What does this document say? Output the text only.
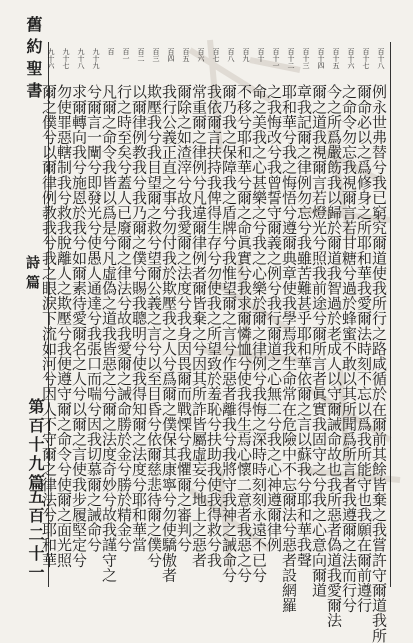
舊約聖書
詩篇
第百十九篇
五百二十一	例永世弗替兮我已窮究爾道使我所行之路咸循於在爾前其餘皆棄之我嘗許守爾道我所
爾命必以之爲修身之所耶和華我愛爾法時刻不忘以爲我所能守也我願在爾前遵行
之命令勿忘我視爾言若甘糖兮過於蜂蜜不敢以其所聞爲所言者我遵爾之法而行兮
今之所爲嚴飭我以歸於爾道我智過於老成人以守爾誡命故也我所惡者偽道我愛爾法
爾之道我視爾言若燈光兮照我前途兮爾所言者眞實我固守之兮我之心意向爾道
章我記爾之律例勿忘兮我雖苦難甚乎耶和華依爾之言以蘇我兮耶和華我聲
耶和華兮我之悔悟兮遵爾典章使我學焉我生命常在危險中不忘爾法兮惡者設網羅
之我悔改兮我曾誓守爾義之例兮我行爾道之心無二兮我之心神遵爾律例
命之美我之心甚樂之兮我之心樂於爾之律例兮我悔之深時時刻刻永遠不已兮
不移兮耶和華兮爾之命眞實兮我求爾憐恤兮使我得生焉心懷二意者我惡之兮
爾乃我之保障我之盾牌兮我惟望爾之言兮作惡者離我兮我將守我神之誡命兮
我依爾言扶持我俾得生存兮勿使我之所望致於羞恥兮扶助我使我得救兮我
常重爾之律例兮凡違爾律例者爾皆棄之兮因其所詐皆屬虛妄兮地上之惡者
爾除之如渣滓兮故我愛爾之法度兮我身因畏爾而戰慄兮我懼爾之審判兮
我行公義正直之事兮勿付我於欺壓我之人兮爲爾之僕保其康寧兮勿使驕傲者
欺壓我兮我目望爾之救兮望爾公義之言兮以至目昏兮依爾慈悲待爾之僕兮
以爾律例教我兮我乃爾之僕兮賜我聰明兮使我得知爾之法度兮耶和華當
行之時至矣兮蓋人已廢爾之律法兮故我愛爾之誡命勝於金兮勝於精金兮
凡爾之命令我皆以爲是兮凡虛偽之道我皆惡之兮爾之法度奇妙兮故我謹守之
兮爾言一闡兮即發光兮使愚人通達兮我張口而喘兮因我切慕爾之誡命兮
求爾轉向我兮施恩於我兮如爾素待愛爾名之人兮以爾之言使我步履堅定兮
勿使罪惡轄制我兮救我脫離人之欺壓兮我便遵守爾之命令兮使爾之面光照
爾之僕兮以爾律例教我兮我之眼淚下流如河兮因人不守爾之律法兮耶和華
百十八
百十七
百十六
百十五
百十四
百十三
百十二
百十一
百十
百九
百八
百七
百六
百五
百四
百三
百二
百一
百
九十九
九十八
九十七
九十六
